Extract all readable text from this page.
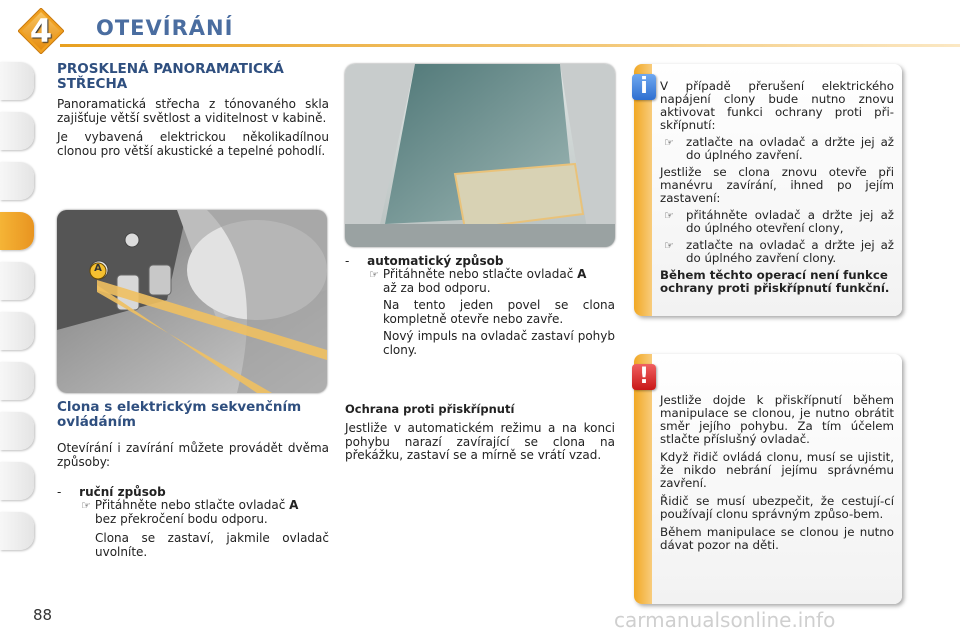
4 OTEVÍRÁNÍ
PROSKLENÁ PANORAMATICKÁ
STŘECHA

Panoramatická střecha z tónovaného skla zajišťuje větší světlost a viditelnost v kabině.

Je vybavená elektrickou několikadílnou clonou pro větší akustické a tepelné pohodlí.

A
Clona s elektrickým sekvenčním
ovládáním

Otevírání i zavírání můžete provádět dvěma způsoby:

- ruční způsob
☞ Přitáhněte nebo stlačte ovladač A
bez překročení bodu odporu.

Clona se zastaví, jakmile ovladač uvolníte.

- automatický způsob
☞ Přitáhněte nebo stlačte ovladač A
až za bod odporu.

Na tento jeden povel se clona kompletně otevře nebo zavře.

Nový impuls na ovladač zastaví pohyb clony.

Ochrana proti přiskřípnutí

Jestliže v automatickém režimu a na konci pohybu narazí zavírající se clona na překážku, zastaví se a mírně se vrátí vzad.

i	V případě přerušení elektrického napájení clony bude nutno znovu aktivovat funkci ochrany proti při-skřípnutí:

☞	zatlačte na ovladač a držte jej až do úplného zavření.

Jestliže se clona znovu otevře při manévru zavírání, ihned po jejím zastavení:

☞	přitáhněte ovladač a držte jej až do úplného otevření clony,
☞	zatlačte na ovladač a držte jej až do úplného zavření clony.

Během těchto operací není funkce ochrany proti přiskřípnutí funkční.

!

Jestliže dojde k přiskřípnutí během manipulace se clonou, je nutno obrátit směr jejího pohybu. Za tím účelem stlačte příslušný ovladač.

Když řidič ovládá clonu, musí se ujistit, že nikdo nebrání jejímu správnému zavření.

Řidič se musí ubezpečit, že cestují-cí používají clonu správným způso-bem.

Během manipulace se clonou je nutno dávat pozor na děti.

88	carmanualsonline.info
